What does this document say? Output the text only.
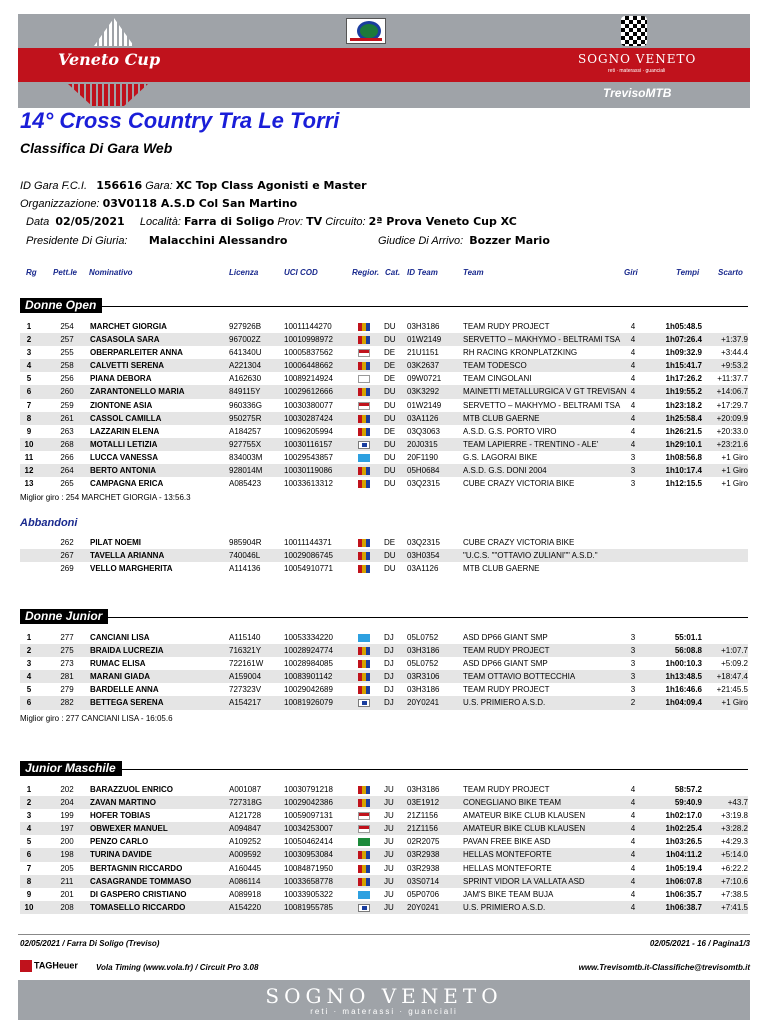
Veneto Cup	SOGNO VENETO
reti · materassi · guanciali
TrevisoMTB
14° Cross Country Tra Le Torri
Classifica Di Gara Web
ID Gara F.C.I. 156616 Gara: XC Top Class Agonisti e Master
Organizzazione: 03V0118 A.S.D Col San Martino
Data 02/05/2021 Località: Farra di Soligo Prov: TV Circuito: 2ª Prova Veneto Cup XC
Presidente Di Giuria: Malacchini Alessandro	Giudice Di Arrivo: Bozzer Mario
Rg Pett.le Nominativo	Licenza	UCI COD	Regior. Cat. ID Team	Team	Giri	Tempi Scarto
Donne Open
1	254	MARCHET GIORGIA	927926B	10011144270	DU 03H3186	TEAM RUDY PROJECT	4	1h05:48.5
2	257	CASASOLA SARA	967002Z	10010998972	DU 01W2149	SERVETTO – MAKHYMO - BELTRAMI TSA	4	1h07:26.4	+1:37.9
3	255	OBERPARLEITER ANNA	641340U	10005837562	DE 21U1151	RH RACING KRONPLATZKING	4	1h09:32.9	+3:44.4
4	258	CALVETTI SERENA	A221304	10006448662	DE 03K2637	TEAM TODESCO	4	1h15:41.7	+9:53.2
5	256	PIANA DEBORA	A162630	10089214924	DE 09W0721	TEAM CINGOLANI	4	1h17:26.2	+11:37.7
6	260	ZARANTONELLO MARIA	849115Y	10029612666	DU 03K3292	MAINETTI METALLURGICA V GT TREVISAN 4	1h19:55.2	+14:06.7
7	259	ZIONTONE ASIA	960336G	10030380077	DU 01W2149	SERVETTO – MAKHYMO - BELTRAMI TSA	4	1h23:18.2	+17:29.7
8	261	CASSOL CAMILLA	950275R	10030287424	DU 03A1126	MTB CLUB GAERNE	4	1h25:58.4	+20:09.9
9	263	LAZZARIN ELENA	A184257	10096205994	DE 03Q3063	A.S.D. G.S. PORTO VIRO	4	1h26:21.5	+20:33.0
10	268	MOTALLI LETIZIA	927755X	10030116157	DU 20J0315	TEAM LAPIERRE - TRENTINO - ALE'	4	1h29:10.1	+23:21.6
11	266	LUCCA VANESSA	834003M	10029543857	DU 20F1190	G.S. LAGORAI BIKE	3	1h08:56.8	+1 Giro
12	264	BERTO ANTONIA	928014M	10030119086	DU 05H0684	A.S.D. G.S. DONI 2004	3	1h10:17.4	+1 Giro
13	265	CAMPAGNA ERICA	A085423	10033613312	DU 03Q2315	CUBE CRAZY VICTORIA BIKE	3	1h12:15.5	+1 Giro
Miglior giro : 254 MARCHET GIORGIA - 13:56.3
Abbandoni
262	PILAT NOEMI	985904R	10011144371	DE 03Q2315	CUBE CRAZY VICTORIA BIKE
267	TAVELLA ARIANNA	740046L	10029086745	DU 03H0354	"U.C.S. ""OTTAVIO ZULIANI"" A.S.D."
269	VELLO MARGHERITA	A114136	10054910771	DU 03A1126	MTB CLUB GAERNE
Donne Junior
1	277	CANCIANI LISA	A115140	10053334220	DJ 05L0752	ASD DP66 GIANT SMP	3	55:01.1
2	275	BRAIDA LUCREZIA	716321Y	10028924774	DJ 03H3186	TEAM RUDY PROJECT	3	56:08.8	+1:07.7
3	273	RUMAC ELISA	722161W	10028984085	DJ 05L0752	ASD DP66 GIANT SMP	3	1h00:10.3	+5:09.2
4	281	MARANI GIADA	A159004	10083901142	DJ 03R3106	TEAM OTTAVIO BOTTECCHIA	3	1h13:48.5	+18:47.4
5	279	BARDELLE ANNA	727323V	10029042689	DJ 03H3186	TEAM RUDY PROJECT	3	1h16:46.6	+21:45.5
6	282	BETTEGA SERENA	A154217	10081926079	DJ 20Y0241	U.S. PRIMIERO A.S.D.	2	1h04:09.4	+1 Giro
Miglior giro : 277 CANCIANI LISA - 16:05.6
Junior Maschile
1	202	BARAZZUOL ENRICO	A001087	10030791218	JU 03H3186	TEAM RUDY PROJECT	4	58:57.2
2	204	ZAVAN MARTINO	727318G	10029042386	JU 03E1912	CONEGLIANO BIKE TEAM	4	59:40.9	+43.7
3	199	HOFER TOBIAS	A121728	10059097131	JU 21Z1156	AMATEUR BIKE CLUB KLAUSEN	4	1h02:17.0	+3:19.8
4	197	OBWEXER MANUEL	A094847	10034253007	JU 21Z1156	AMATEUR BIKE CLUB KLAUSEN	4	1h02:25.4	+3:28.2
5	200	PENZO CARLO	A109252	10050462414	JU 02R2075	PAVAN FREE BIKE ASD	4	1h03:26.5	+4:29.3
6	198	TURINA DAVIDE	A009592	10030953084	JU 03R2938	HELLAS MONTEFORTE	4	1h04:11.2	+5:14.0
7	205	BERTAGNIN RICCARDO	A160445	10084871950	JU 03R2938	HELLAS MONTEFORTE	4	1h05:19.4	+6:22.2
8	211	CASAGRANDE TOMMASO	A086114	10033658778	JU 03S0714	SPRINT VIDOR LA VALLATA ASD	4	1h06:07.8	+7:10.6
9	201	DI GASPERO CRISTIANO	A089918	10033905322	JU 05P0706	JAM'S BIKE TEAM BUJA	4	1h06:35.7	+7:38.5
10	208	TOMASELLO RICCARDO	A154220	10081955785	JU 20Y0241	U.S. PRIMIERO A.S.D.	4	1h06:38.7	+7:41.5
02/05/2021 / Farra Di Soligo (Treviso)	02/05/2021 - 16 / Pagina1/3
TAGHeuer Vola Timing (www.vola.fr) / Circuit Pro 3.08	www.Trevisomtb.it-Classifiche@trevisomtb.it
SOGNO VENETO
reti · materassi · guanciali
